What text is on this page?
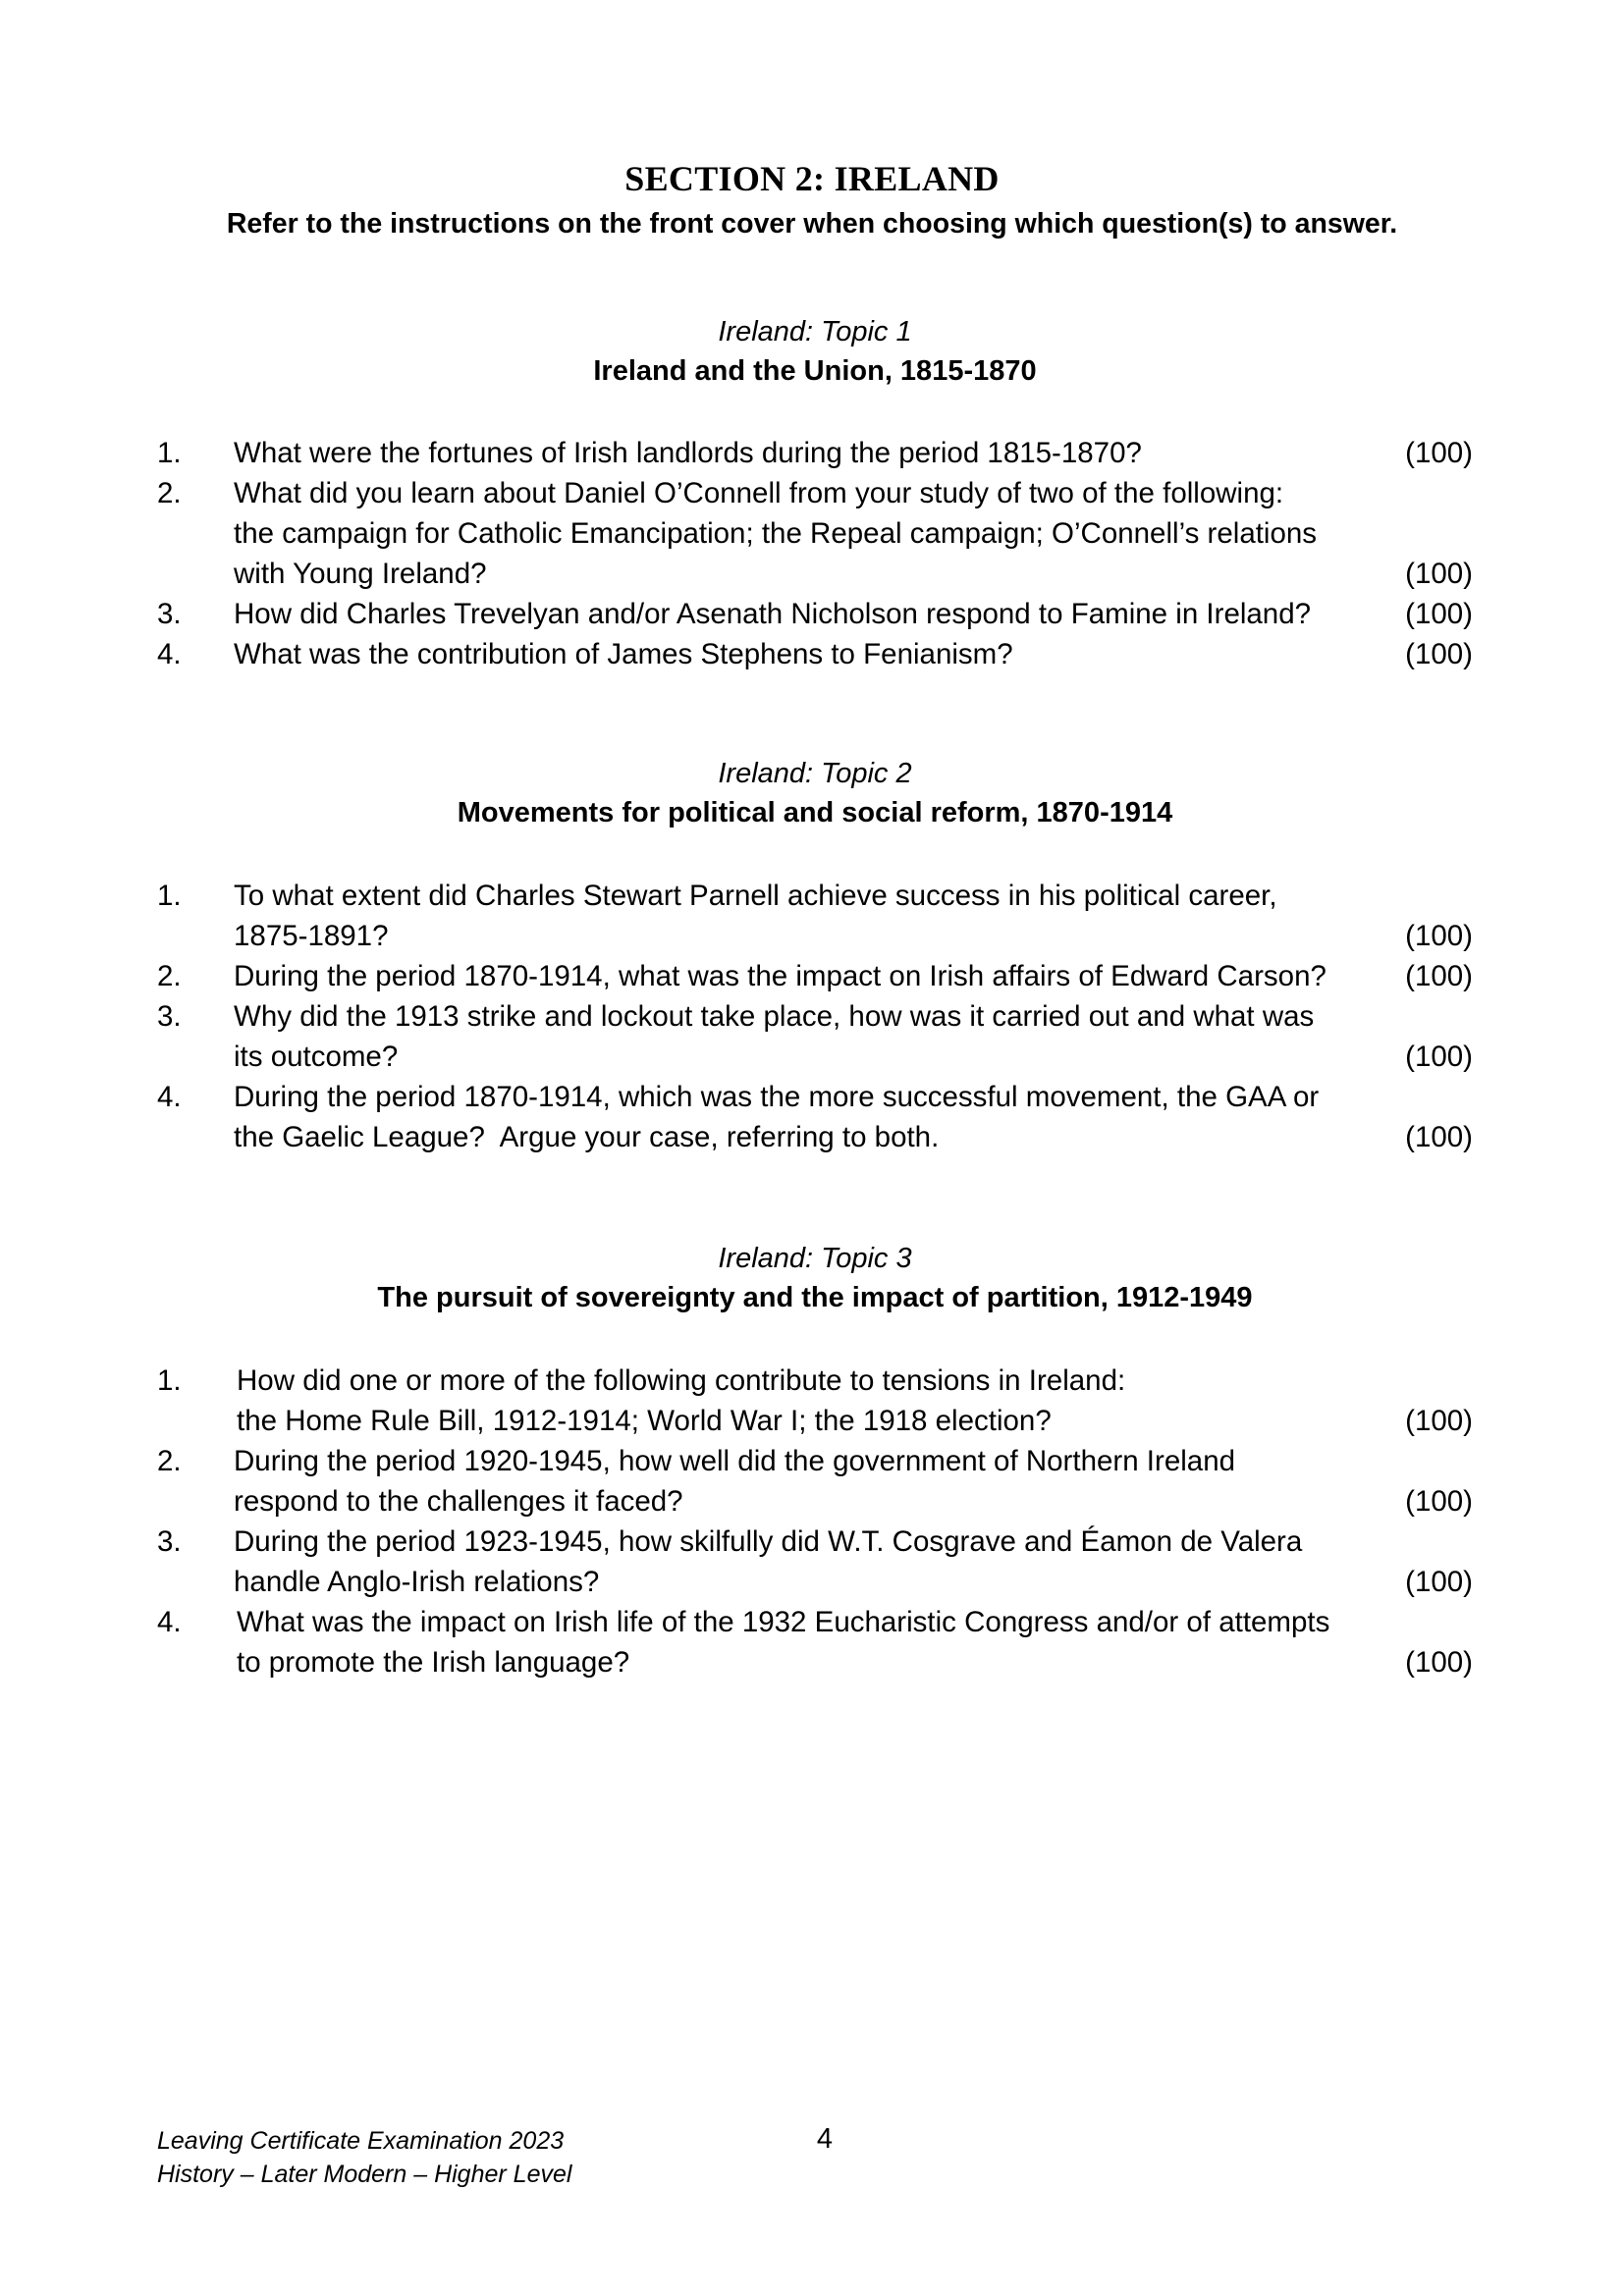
SECTION 2: IRELAND
Refer to the instructions on the front cover when choosing which question(s) to answer.
Ireland: Topic 1
Ireland and the Union, 1815-1870
1. What were the fortunes of Irish landlords during the period 1815-1870?	(100)
2. What did you learn about Daniel O’Connell from your study of two of the following:
the campaign for Catholic Emancipation; the Repeal campaign; O’Connell’s relations
with Young Ireland?	(100)
3. How did Charles Trevelyan and/or Asenath Nicholson respond to Famine in Ireland?	(100)
4. What was the contribution of James Stephens to Fenianism?	(100)
Ireland: Topic 2
Movements for political and social reform, 1870-1914
1. To what extent did Charles Stewart Parnell achieve success in his political career,
1875-1891?	(100)
2. During the period 1870-1914, what was the impact on Irish affairs of Edward Carson?	(100)
3. Why did the 1913 strike and lockout take place, how was it carried out and what was
its outcome?	(100)
4. During the period 1870-1914, which was the more successful movement, the GAA or
the Gaelic League?  Argue your case, referring to both.	(100)
Ireland: Topic 3
The pursuit of sovereignty and the impact of partition, 1912-1949
1. How did one or more of the following contribute to tensions in Ireland:
the Home Rule Bill, 1912-1914; World War I; the 1918 election?	(100)
2. During the period 1920-1945, how well did the government of Northern Ireland
respond to the challenges it faced?	(100)
3. During the period 1923-1945, how skilfully did W.T. Cosgrave and Éamon de Valera
handle Anglo-Irish relations?	(100)
4. What was the impact on Irish life of the 1932 Eucharistic Congress and/or of attempts
to promote the Irish language?	(100)
Leaving Certificate Examination 2023
History – Later Modern – Higher Level
4
